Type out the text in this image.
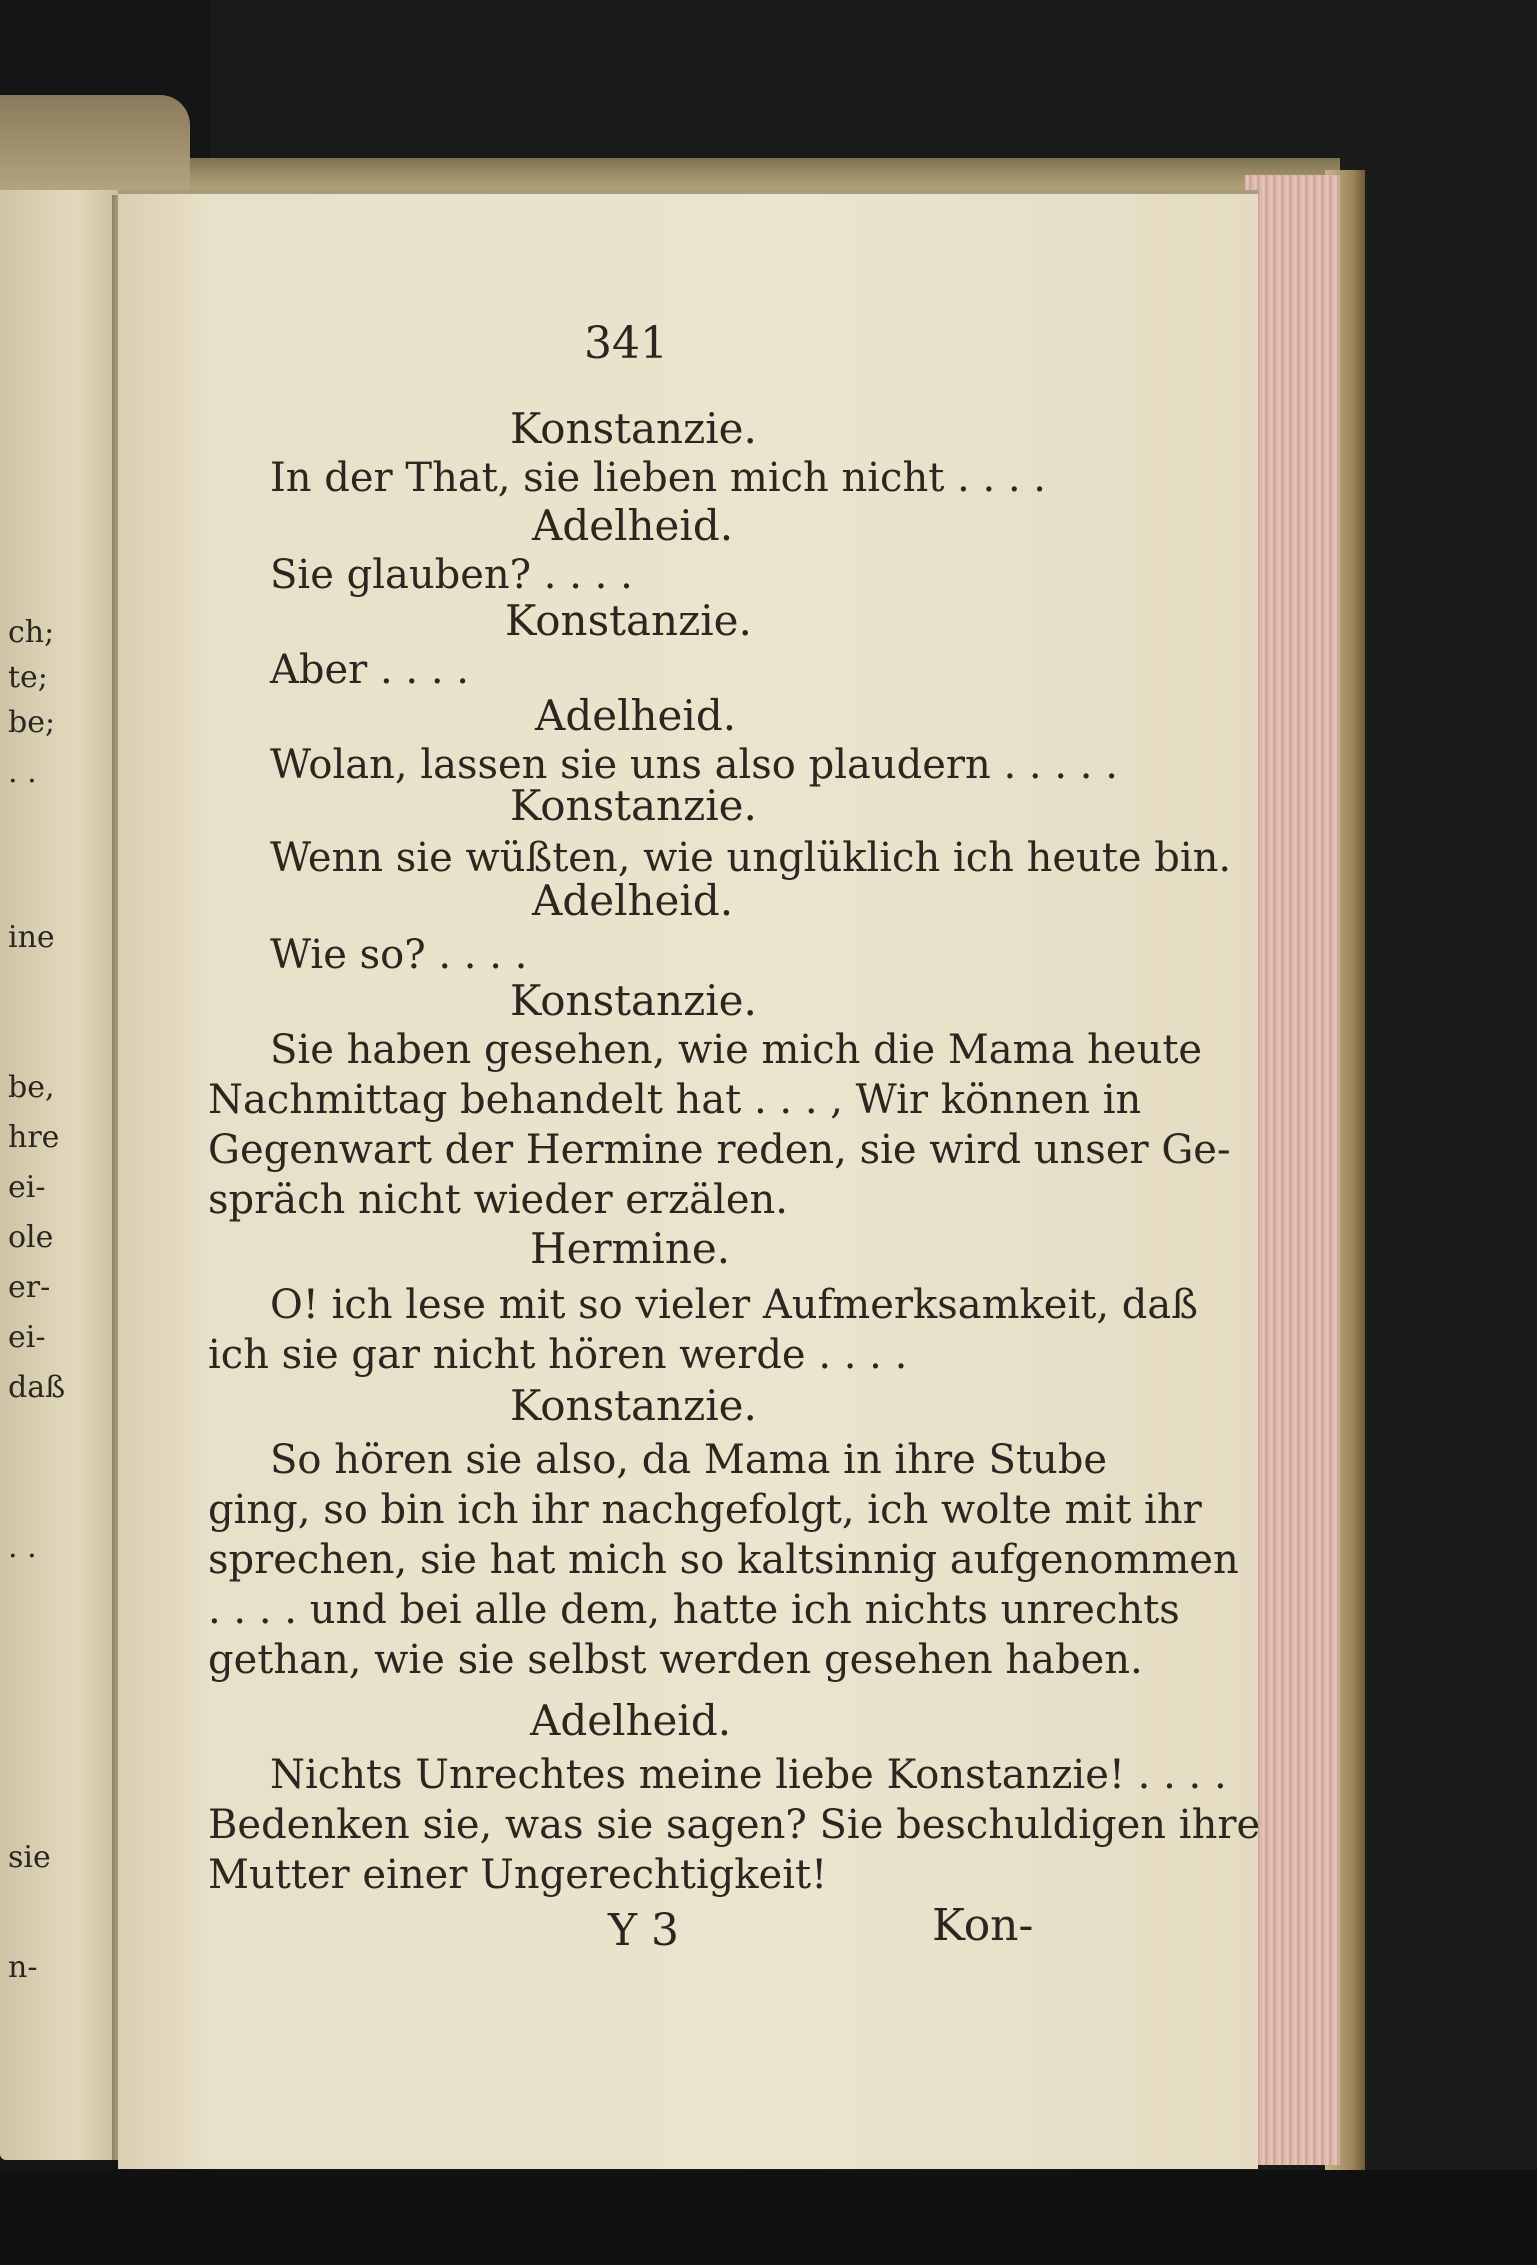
ch;
te;
be;
. .
ine
be,
hre
ei-
ole
er-
ei-
daß
. .
sie
n-
341
Konstanzie.
In der That, sie lieben mich nicht . . . .
Adelheid.
Sie glauben? . . . .
Konstanzie.
Aber . . . .
Adelheid.
Wolan, lassen sie uns also plaudern . . . . .
Konstanzie.
Wenn sie wüßten, wie unglüklich ich heute bin.
Adelheid.
Wie so? . . . .
Konstanzie.
Sie haben gesehen, wie mich die Mama heute
Nachmittag behandelt hat . . . , Wir können in
Gegenwart der Hermine reden, sie wird unser Ge-
spräch nicht wieder erzälen.
Hermine.
O! ich lese mit so vieler Aufmerksamkeit, daß
ich sie gar nicht hören werde . . . .
Konstanzie.
So hören sie also, da Mama in ihre Stube
ging, so bin ich ihr nachgefolgt, ich wolte mit ihr
sprechen, sie hat mich so kaltsinnig aufgenommen
. . . . und bei alle dem, hatte ich nichts unrechts
gethan, wie sie selbst werden gesehen haben.
Adelheid.
Nichts Unrechtes meine liebe Konstanzie! . . . .
Bedenken sie, was sie sagen? Sie beschuldigen ihre
Mutter einer Ungerechtigkeit!
Y 3	Kon-
